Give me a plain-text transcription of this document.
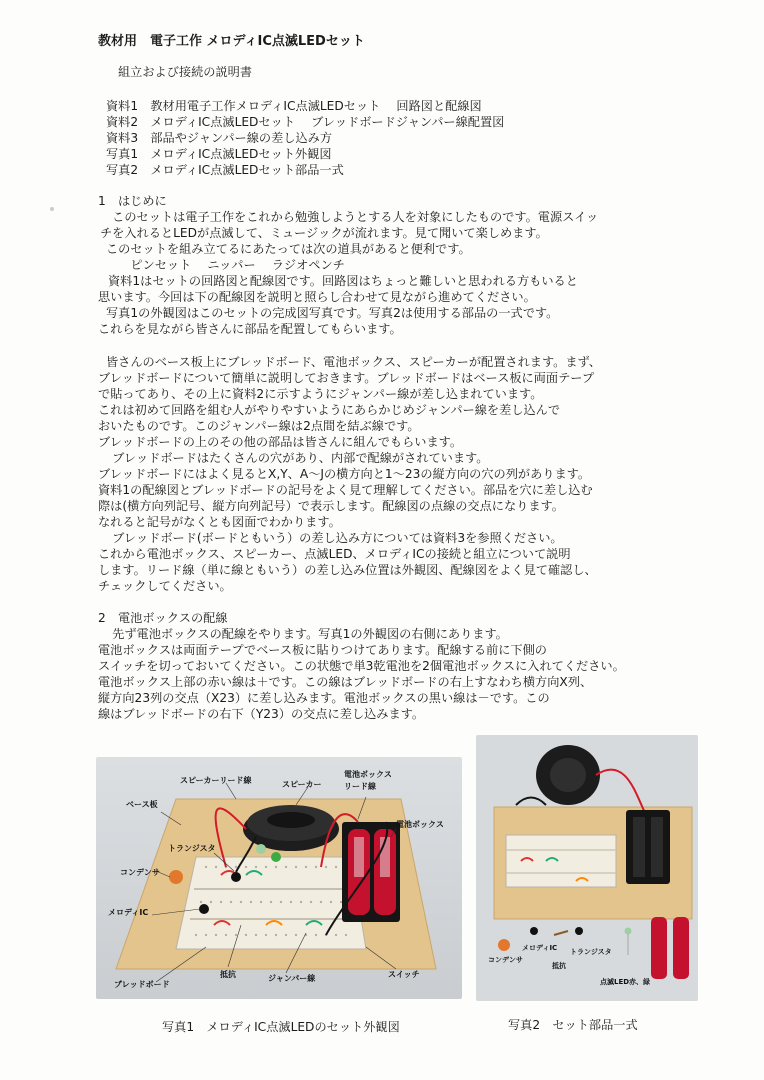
教材用　電子工作 メロディIC点滅LEDセット
組立および接続の説明書
資料1　教材用電子工作メロディIC点滅LEDセット　 回路図と配線図
資料2　メロディIC点滅LEDセット　 ブレッドボードジャンパー線配置図
資料3　部品やジャンパー線の差し込み方
写真1　メロディIC点滅LEDセット外観図
写真2　メロディIC点滅LEDセット部品一式
1　はじめに
　このセットは電子工作をこれから勉強しようとする人を対象にしたものです。電源スイッ
チを入れるとLEDが点滅して、ミュージックが流れます。見て聞いて楽しめます。
このセットを組み立てるにあたっては次の道具があると便利です。
　　ピンセット　 ニッパー　 ラジオペンチ
資料1はセットの回路図と配線図です。回路図はちょっと難しいと思われる方もいると
思います。今回は下の配線図を説明と照らし合わせて見ながら進めてください。
写真1の外観図はこのセットの完成図写真です。写真2は使用する部品の一式です。
これらを見ながら皆さんに部品を配置してもらいます。
皆さんのベース板上にブレッドボード、電池ボックス、スピーカーが配置されます。まず、
ブレッドボードについて簡単に説明しておきます。ブレッドボードはベース板に両面テープ
で貼ってあり、その上に資料2に示すようにジャンパー線が差し込まれています。
これは初めて回路を組む人がやりやすいようにあらかじめジャンパー線を差し込んで
おいたものです。このジャンパー線は2点間を結ぶ線です。
ブレッドボードの上のその他の部品は皆さんに組んでもらいます。
　ブレッドボードはたくさんの穴があり、内部で配線がされています。
ブレッドボードにはよく見るとX,Y、A～Jの横方向と1～23の縦方向の穴の列があります。
資料1の配線図とブレッドボードの記号をよく見て理解してください。部品を穴に差し込む
際は(横方向列記号、縦方向列記号）で表示します。配線図の点線の交点になります。
なれると記号がなくとも図面でわかります。
　ブレッドボード(ボードともいう）の差し込み方については資料3を参照ください。
これから電池ボックス、スピーカー、点滅LED、メロディICの接続と組立について説明
します。リード線（単に線ともいう）の差し込み位置は外観図、配線図をよく見て確認し、
チェックしてください。
2　電池ボックスの配線
　先ず電池ボックスの配線をやります。写真1の外観図の右側にあります。
電池ボックスは両面テープでベース板に貼りつけてあります。配線する前に下側の
スイッチを切っておいてください。この状態で単3乾電池を2個電池ボックスに入れてください。
電池ボックス上部の赤い線は＋です。この線はブレッドボードの右上すなわち横方向X列、
縦方向23列の交点（X23）に差し込みます。電池ボックスの黒い線は－です。この
線はブレッドボードの右下（Y23）の交点に差し込みます。
スピーカーリード線	スピーカー
電池ボックス
リード線
ベース板
電池ボックス
トランジスタ
コンデンサ
メロディIC
ブレッドボード
抵抗	ジャンパー線	スイッチ
写真1　メロディIC点滅LEDのセット外観図
コンデンサ
メロディIC
抵抗
トランジスタ
点滅LED赤、緑
写真2　セット部品一式
